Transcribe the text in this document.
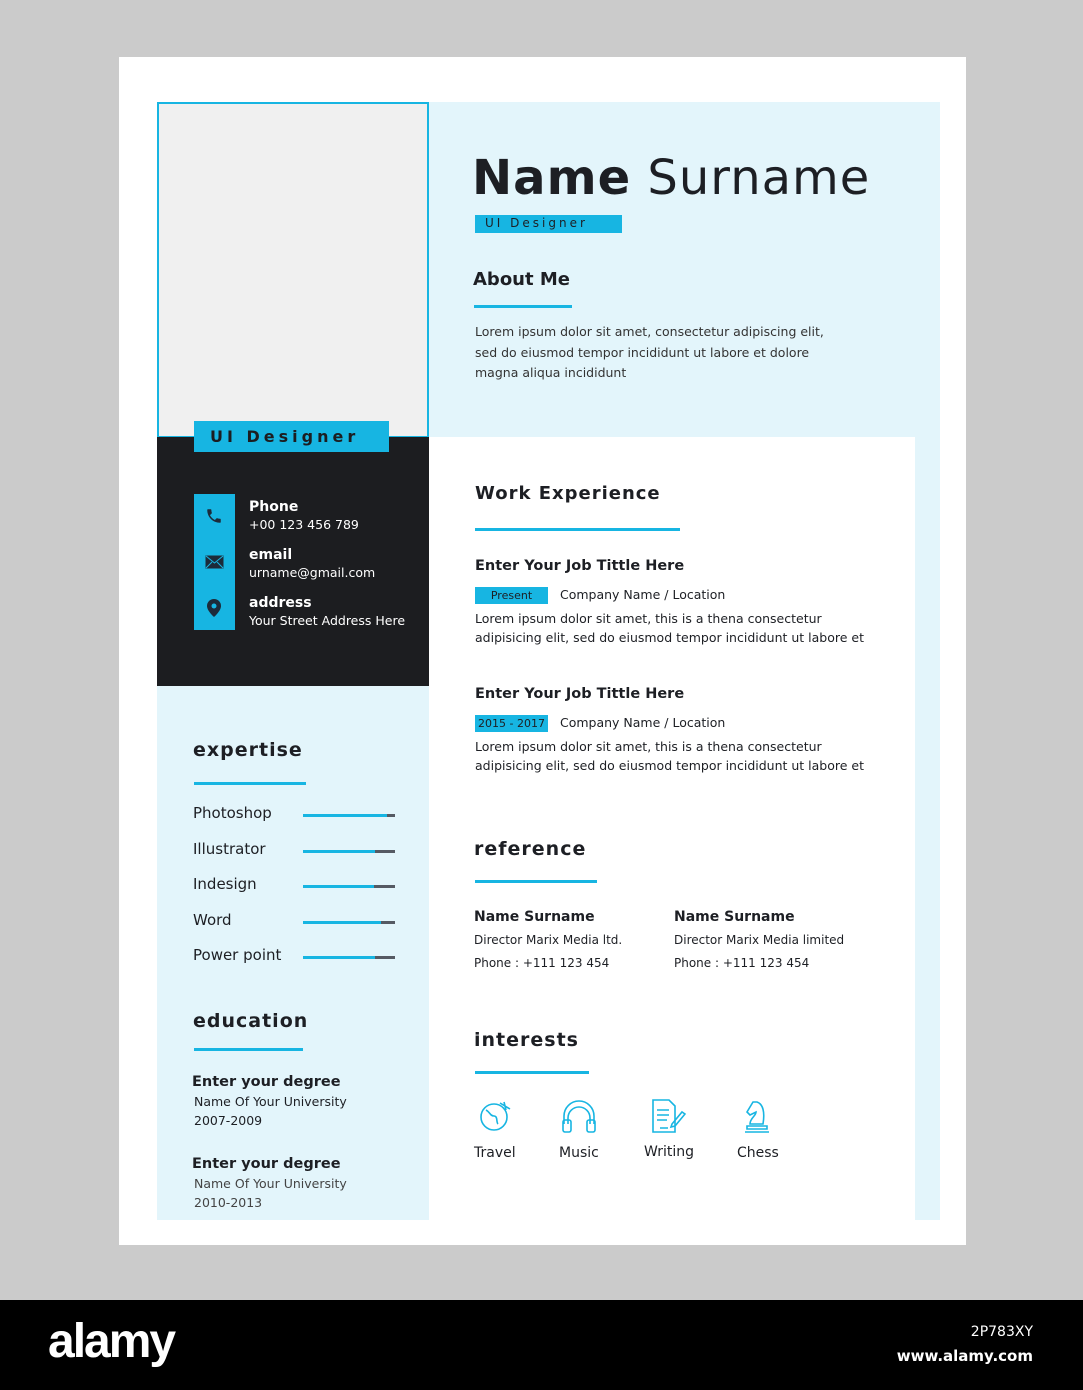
UI Designer
Name Surname
UI Designer
About Me
Lorem ipsum dolor sit amet, consectetur adipiscing elit,
sed do eiusmod tempor incididunt ut labore et dolore
magna aliqua incididunt
Phone
+00 123 456 789
email
urname@gmail.com
address
Your Street Address Here
expertise
Photoshop
Illustrator
Indesign
Word
Power point
education
Enter your degree
Name Of Your University
2007-2009
Enter your degree
Name Of Your University
2010-2013
Work Experience
Enter Your Job Tittle Here
Present Company Name / Location
Lorem ipsum dolor sit amet, this is a thena consectetur
adipisicing elit, sed do eiusmod tempor incididunt ut labore et
Enter Your Job Tittle Here
2015 - 2017 Company Name / Location
Lorem ipsum dolor sit amet, this is a thena consectetur
adipisicing elit, sed do eiusmod tempor incididunt ut labore et
reference
Name Surname
Director Marix Media ltd.
Phone : +111 123 454
Name Surname
Director Marix Media limited
Phone : +111 123 454
interests
Travel	Music	Writing	Chess
alamy	2P783XY
www.alamy.com
